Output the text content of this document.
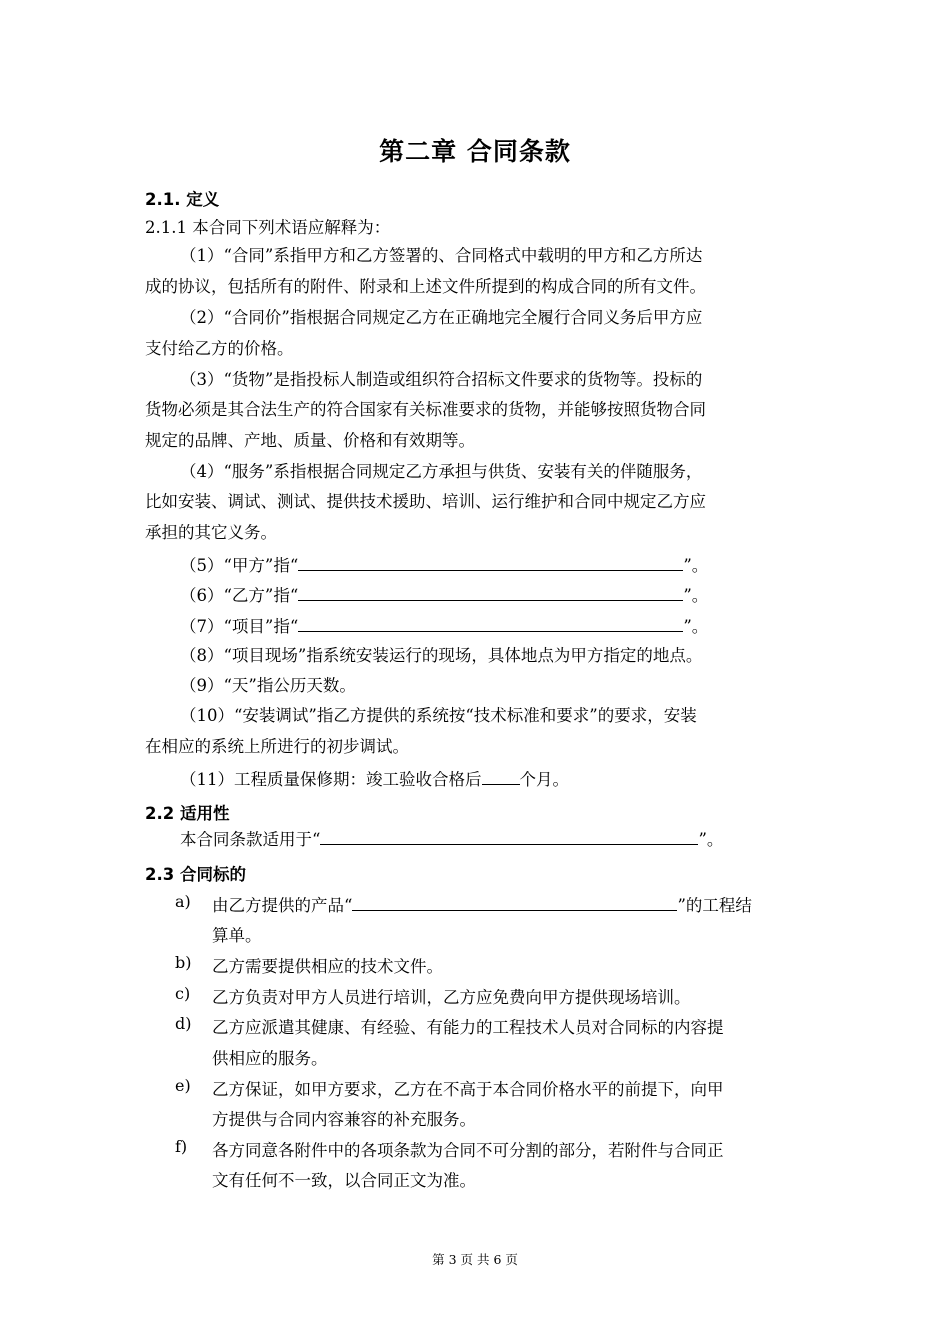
第二章 合同条款
2.1. 定义
2.1.1 本合同下列术语应解释为：
（1）“合同”系指甲方和乙方签署的、合同格式中载明的甲方和乙方所达
成的协议，包括所有的附件、附录和上述文件所提到的构成合同的所有文件。
（2）“合同价”指根据合同规定乙方在正确地完全履行合同义务后甲方应
支付给乙方的价格。
（3）“货物”是指投标人制造或组织符合招标文件要求的货物等。投标的
货物必须是其合法生产的符合国家有关标准要求的货物，并能够按照货物合同
规定的品牌、产地、质量、价格和有效期等。
（4）“服务”系指根据合同规定乙方承担与供货、安装有关的伴随服务，
比如安装、调试、测试、提供技术援助、培训、运行维护和合同中规定乙方应
承担的其它义务。
（5）“甲方”指“	”。
（6）“乙方”指“	”。
（7）“项目”指“	”。
（8）“项目现场”指系统安装运行的现场，具体地点为甲方指定的地点。
（9）“天”指公历天数。
（10）“安装调试”指乙方提供的系统按“技术标准和要求”的要求，安装
在相应的系统上所进行的初步调试。
（11）工程质量保修期：竣工验收合格后 个月。
2.2 适用性
本合同条款适用于“	”。
2.3 合同标的
a) 由乙方提供的产品“	”的工程结
算单。
b) 乙方需要提供相应的技术文件。
c) 乙方负责对甲方人员进行培训，乙方应免费向甲方提供现场培训。
d) 乙方应派遣其健康、有经验、有能力的工程技术人员对合同标的内容提
供相应的服务。
e) 乙方保证，如甲方要求，乙方在不高于本合同价格水平的前提下，向甲
方提供与合同内容兼容的补充服务。
f) 各方同意各附件中的各项条款为合同不可分割的部分，若附件与合同正
文有任何不一致，以合同正文为准。
第 3 页 共 6 页
